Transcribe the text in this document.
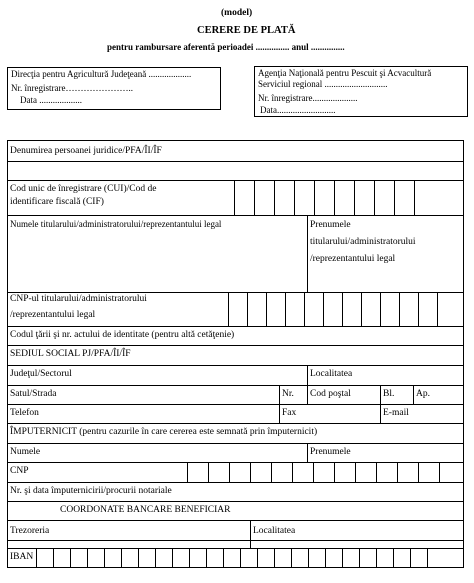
(model)
CERERE DE PLATĂ
pentru rambursare aferentă perioadei ............... anul ...............
Direcţia pentru Agricultură Judeţeană ...................
Nr. înregistrare…………………..
Data ...................
Agenţia Naţională pentru Pescuit şi Acvacultură
Serviciul regional ............................
Nr. înregistrare....................
Data..........................
Denumirea persoanei juridice/PFA/ÎI/ÎF
Cod unic de înregistrare (CUI)/Cod de
identificare fiscală (CIF)
Numele titularului/administratorului/reprezentantului legal	Prenumele
titularului/administratorului
/reprezentantului legal
CNP-ul titularului/administratorului
/reprezentantului legal
Codul ţării şi nr. actului de identitate (pentru altă cetăţenie)
SEDIUL SOCIAL PJ/PFA/ÎI/ÎF
Judeţul/Sectorul	Localitatea
Satul/Strada	Nr. Cod poştal	Bl. Ap.
Telefon	Fax	E-mail
ÎMPUTERNICIT (pentru cazurile în care cererea este semnată prin împuternicit)
Numele	Prenumele
CNP
Nr. şi data împuternicirii/procurii notariale
COORDONATE BANCARE BENEFICIAR
Trezoreria	Localitatea
IBAN
